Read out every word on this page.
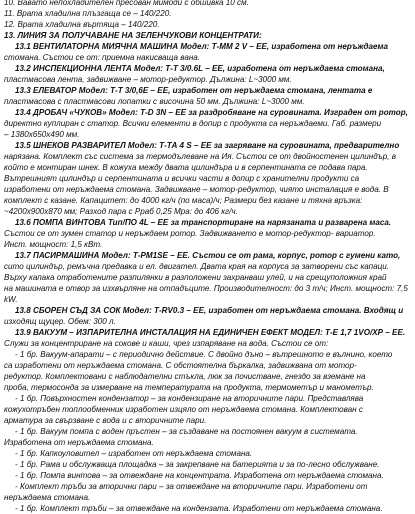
10. Вавато непохладителен пресован мимоди с обшивка 10 см.
11. Врата хладилна плъзгаща се – 140/220.
12. Врата хладилна въртяща – 140/220.
13. ЛИНИЯ ЗА ПОЛУЧАВАНЕ НА ЗЕЛЕНЧУКОВИ КОНЦЕНТРАТИ:
13.1 ВЕНТИЛАТОРНА МИЯЧНА МАШИНА Модел: Т-ММ 2 V – ЕЕ, изработена от неръждаема
стомана. Състои се от: приемна накисваща вана.
13.2 ИНСПЕКЦИОННА ЛЕНТА Модел: Т-Т 3/0.6L – ЕЕ, изработена от неръждаема стомана,
пластмасова лента, задвижване – мотор-редуктор. Дължина: L~3000 мм.
13.3 ЕЛЕВАТОР Модел: Т-Т 3/0,6Е – ЕЕ, изработен от неръждаема стомана, лентата е
пластмасова с пластмасови лопатки с височина 50 мм. Дължина: L~3000 мм.
13.4 ДРОБАЧ «ЧУКОВ» Модел: Т-D 3N – ЕЕ за раздробяване на суровината. Изграден от ротор,
директно куплиран с статор. Всички елементи в допир с продукта са неръждаеми. Габ. размери
– 1380х650х490 мм.
13.5 ШНЕКОВ РАЗВАРИТЕЛ Модел: Т-ТА 4 S – ЕЕ за загряване на суровината, предварително
нарязана. Комплект със система за термодълеване на Ия. Състои се от двойностенен цилиндър, в
който е монтиран шнек. В кожуха между двата цилиндъра и в серпентината се подава пара.
Вътрешният цилиндър и серпентината и всички части в допир с хранителни продукти са
изработени от неръждаема стомана. Задвижване – мотор-редуктор, чиято инсталация е вода. В
комплект с казане. Капацитет: до 4000 кг/ч (по маса)/ч; Размери без казане и тяхна връзка:
~4200х900х870 мм; Разход пара с Рраб 0,25 Мра: до 406 кг/ч.
13.6 ПОМПА ВИНТОВА Тип/ПО 4L – ЕЕ за транспортиране на нарязаната и разварена маса.
Състои се от зумен статор и неръждаем ротор. Задвижването е мотор-редуктор- вариатор.
Инст. мощност: 1,5 кВт.
13.7 ПАСИРМАШИНА Модел: Т-РМ1SE – ЕЕ. Състои се от рама, корпус, ротор с гумени като,
сито цилиндър, ремъчна предавка и ел. двигател. Двата края на корпуса за затворени със капаци.
Върху капака отработените разпилянки в разположени захранваш улей, и на срещуположния край
на машината е отвор за изхвърляне на отпадъците. Производителност: до 3 т/ч; Инст. мощност: 7,5
kW.
13.8 СБОРЕН СЪД ЗА СОК Модел: Т-RV0.3 – ЕЕ, изработен от неръждаема стомана. Входящ и
изходящ щуцер. Обем: 300 л.
13.9 ВАКУУМ – ИЗПАРИТЕЛНА ИНСТАЛАЦИЯ НА ЕДИНИЧЕН ЕФЕКТ МОДЕЛ: Т-Е 1,7 1VO/ХР – ЕЕ.
Служи за концентриране на сокове и каши, чрез изпаряване на вода. Състои се от:
- 1 бр. Вакуум-апарати – с периодично действие. С двойно дъно – вътрешното е вълнино, което
са изработени от неръждаема стомана. С обстоятелна бъркалка, задвижвана от мотор-
редуктор. Комплектовани с наблюдателни стъкла, люк за почистване, гнездо за вземане на
проба, термосонда за измерване на температурата на продукта, термометър и манометър.
- 1 бр. Повърхностен кондензатор – за кондензиране на вторичните пари. Представлява
кожухотръбен топлообменник изработен изцяло от неръждаема стомана. Комплектован с
арматура за свързване с вода и с вторичните пари.
- 1 бр. Вакуум помпа с воден пръстен – за създаване на постоянен вакуум в системата.
Изработена от неръждаема стомана.
- 1 бр. Капкоуловител – изработен от неръждаема стомана.
- 1 бр. Рама и обслужваща площадка – за закрепване на батерията и за по-лесно обслужване.
- 1 бр. Помпа винтова – за отвеждане на концентрата. Изработена от неръждаема стомана.
- Комплект тръби за вторични пари – за отвеждане на вторичните пари. Изработени от
неръждаема стомана.
- 1 бр. Комплект тръби – за отвеждане на кондензата. Изработени от неръждаема стомана.
